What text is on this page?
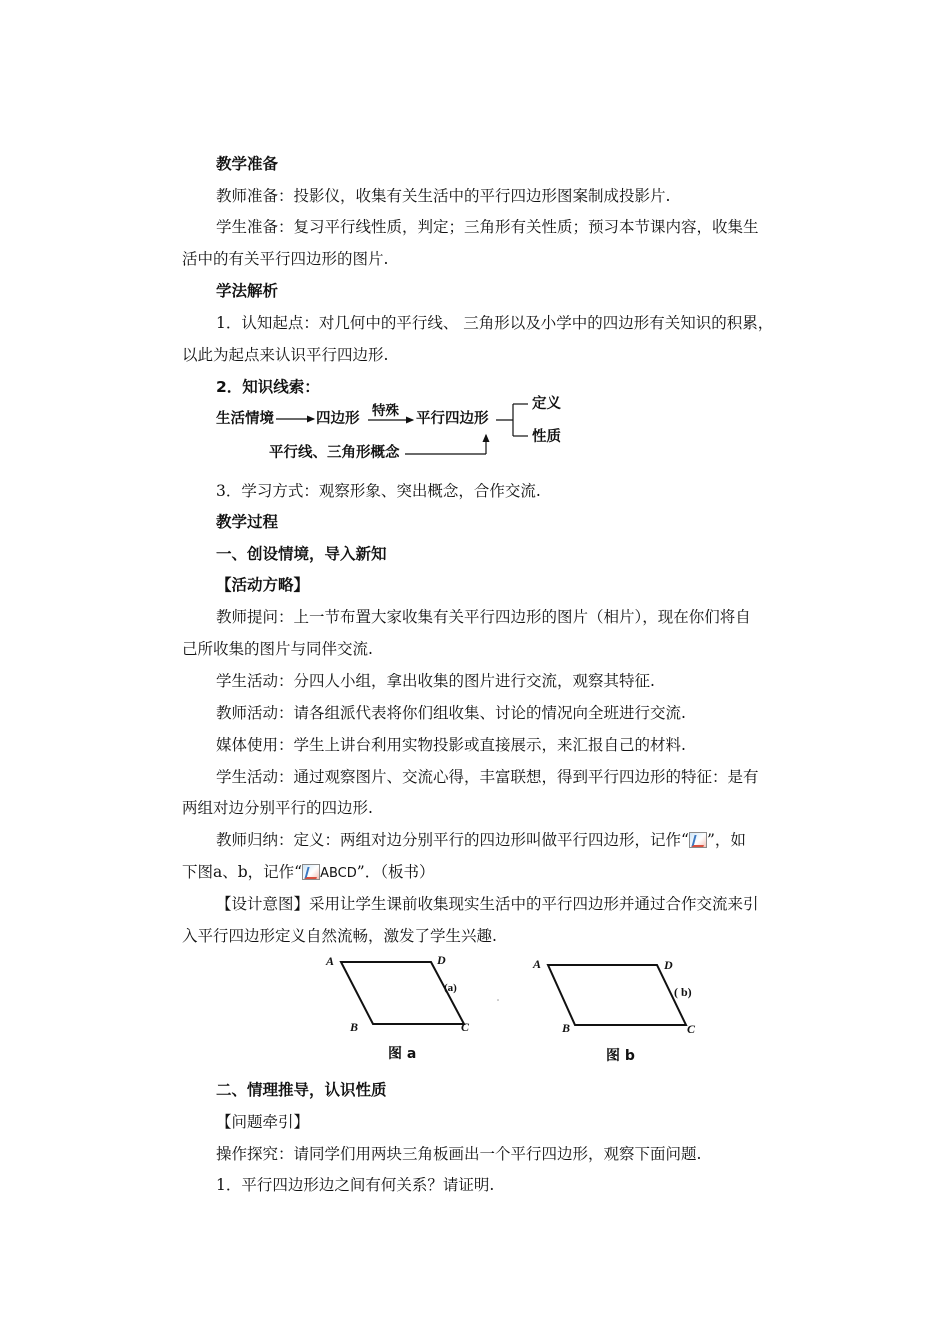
教学准备
教师准备：投影仪，收集有关生活中的平行四边形图案制成投影片.
学生准备：复习平行线性质，判定；三角形有关性质；预习本节课内容，收集生
活中的有关平行四边形的图片.
学法解析
1．认知起点：对几何中的平行线、 三角形以及小学中的四边形有关知识的积累，
以此为起点来认识平行四边形.
2．知识线索：
生活情境	四边形 特殊 平行四边形
定义
性质
平行线、三角形概念
3．学习方式：观察形象、突出概念，合作交流.
教学过程
一、创设情境，导入新知
【活动方略】
教师提问：上一节布置大家收集有关平行四边形的图片（相片），现在你们将自
己所收集的图片与同伴交流.
学生活动：分四人小组，拿出收集的图片进行交流，观察其特征.
教师活动：请各组派代表将你们组收集、讨论的情况向全班进行交流.
媒体使用：学生上讲台利用实物投影或直接展示，来汇报自己的材料.
学生活动：通过观察图片、交流心得，丰富联想，得到平行四边形的特征：是有
两组对边分别平行的四边形.
教师归纳：定义：两组对边分别平行的四边形叫做平行四边形，记作“ ”，如
下图a、b，记作“ ABCD”．（板书）
【设计意图】采用让学生课前收集现实生活中的平行四边形并通过合作交流来引
入平行四边形定义自然流畅，激发了学生兴趣.
A	D
(a)
B	C
图 a
A	D
( b)
B	C
图 b
二、情理推导，认识性质
【问题牵引】
操作探究：请同学们用两块三角板画出一个平行四边形，观察下面问题.
1．平行四边形边之间有何关系？请证明.
